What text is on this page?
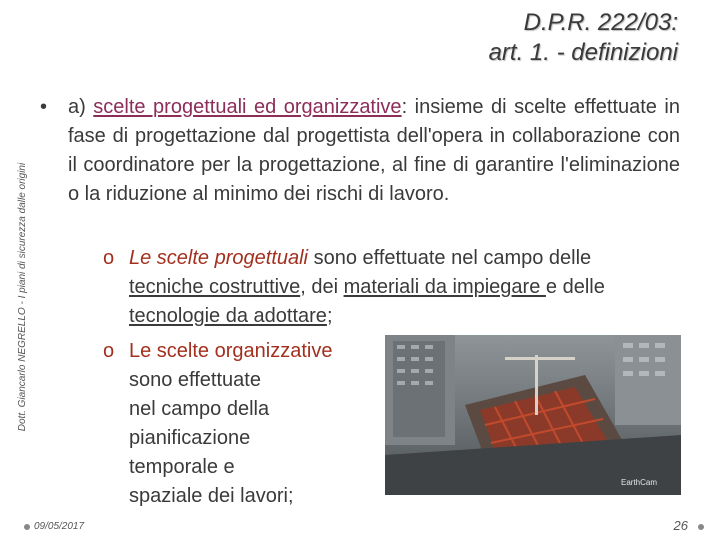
D.P.R. 222/03:
art. 1. - definizioni
Dott. Giancarlo NEGRELLO - I piani di sicurezza dalle origini
• a) scelte progettuali ed organizzative: insieme di scelte effettuate in fase di progettazione dal progettista dell'opera in collaborazione con il coordinatore per la progettazione, al fine di garantire l'eliminazione o la riduzione al minimo dei rischi di lavoro.
o Le scelte progettuali sono effettuate nel campo delle
tecniche costruttive, dei materiali da impiegare e delle
tecnologie da adottare;
o Le scelte organizzative
sono effettuate
nel campo della
pianificazione
temporale e
spaziale dei lavori;
EarthCam
09/05/2017	26
